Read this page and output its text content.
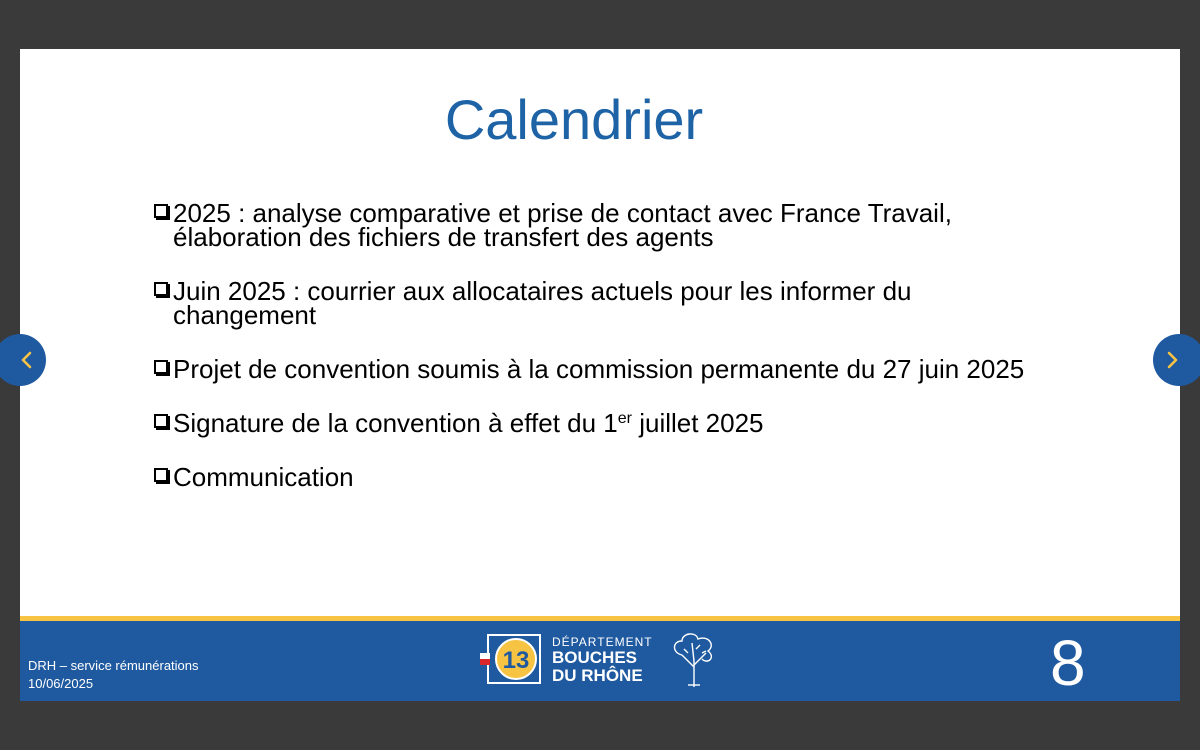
Calendrier
2025 : analyse comparative et prise de contact avec France Travail, élaboration des fichiers de transfert des agents
Juin 2025 : courrier aux allocataires actuels pour les informer du changement
Projet de convention soumis à la commission permanente du 27 juin 2025
Signature de la convention à effet du 1er juillet 2025
Communication
DRH – service rémunérations
10/06/2025
13
DÉPARTEMENT
BOUCHES
DU RHÔNE	8
